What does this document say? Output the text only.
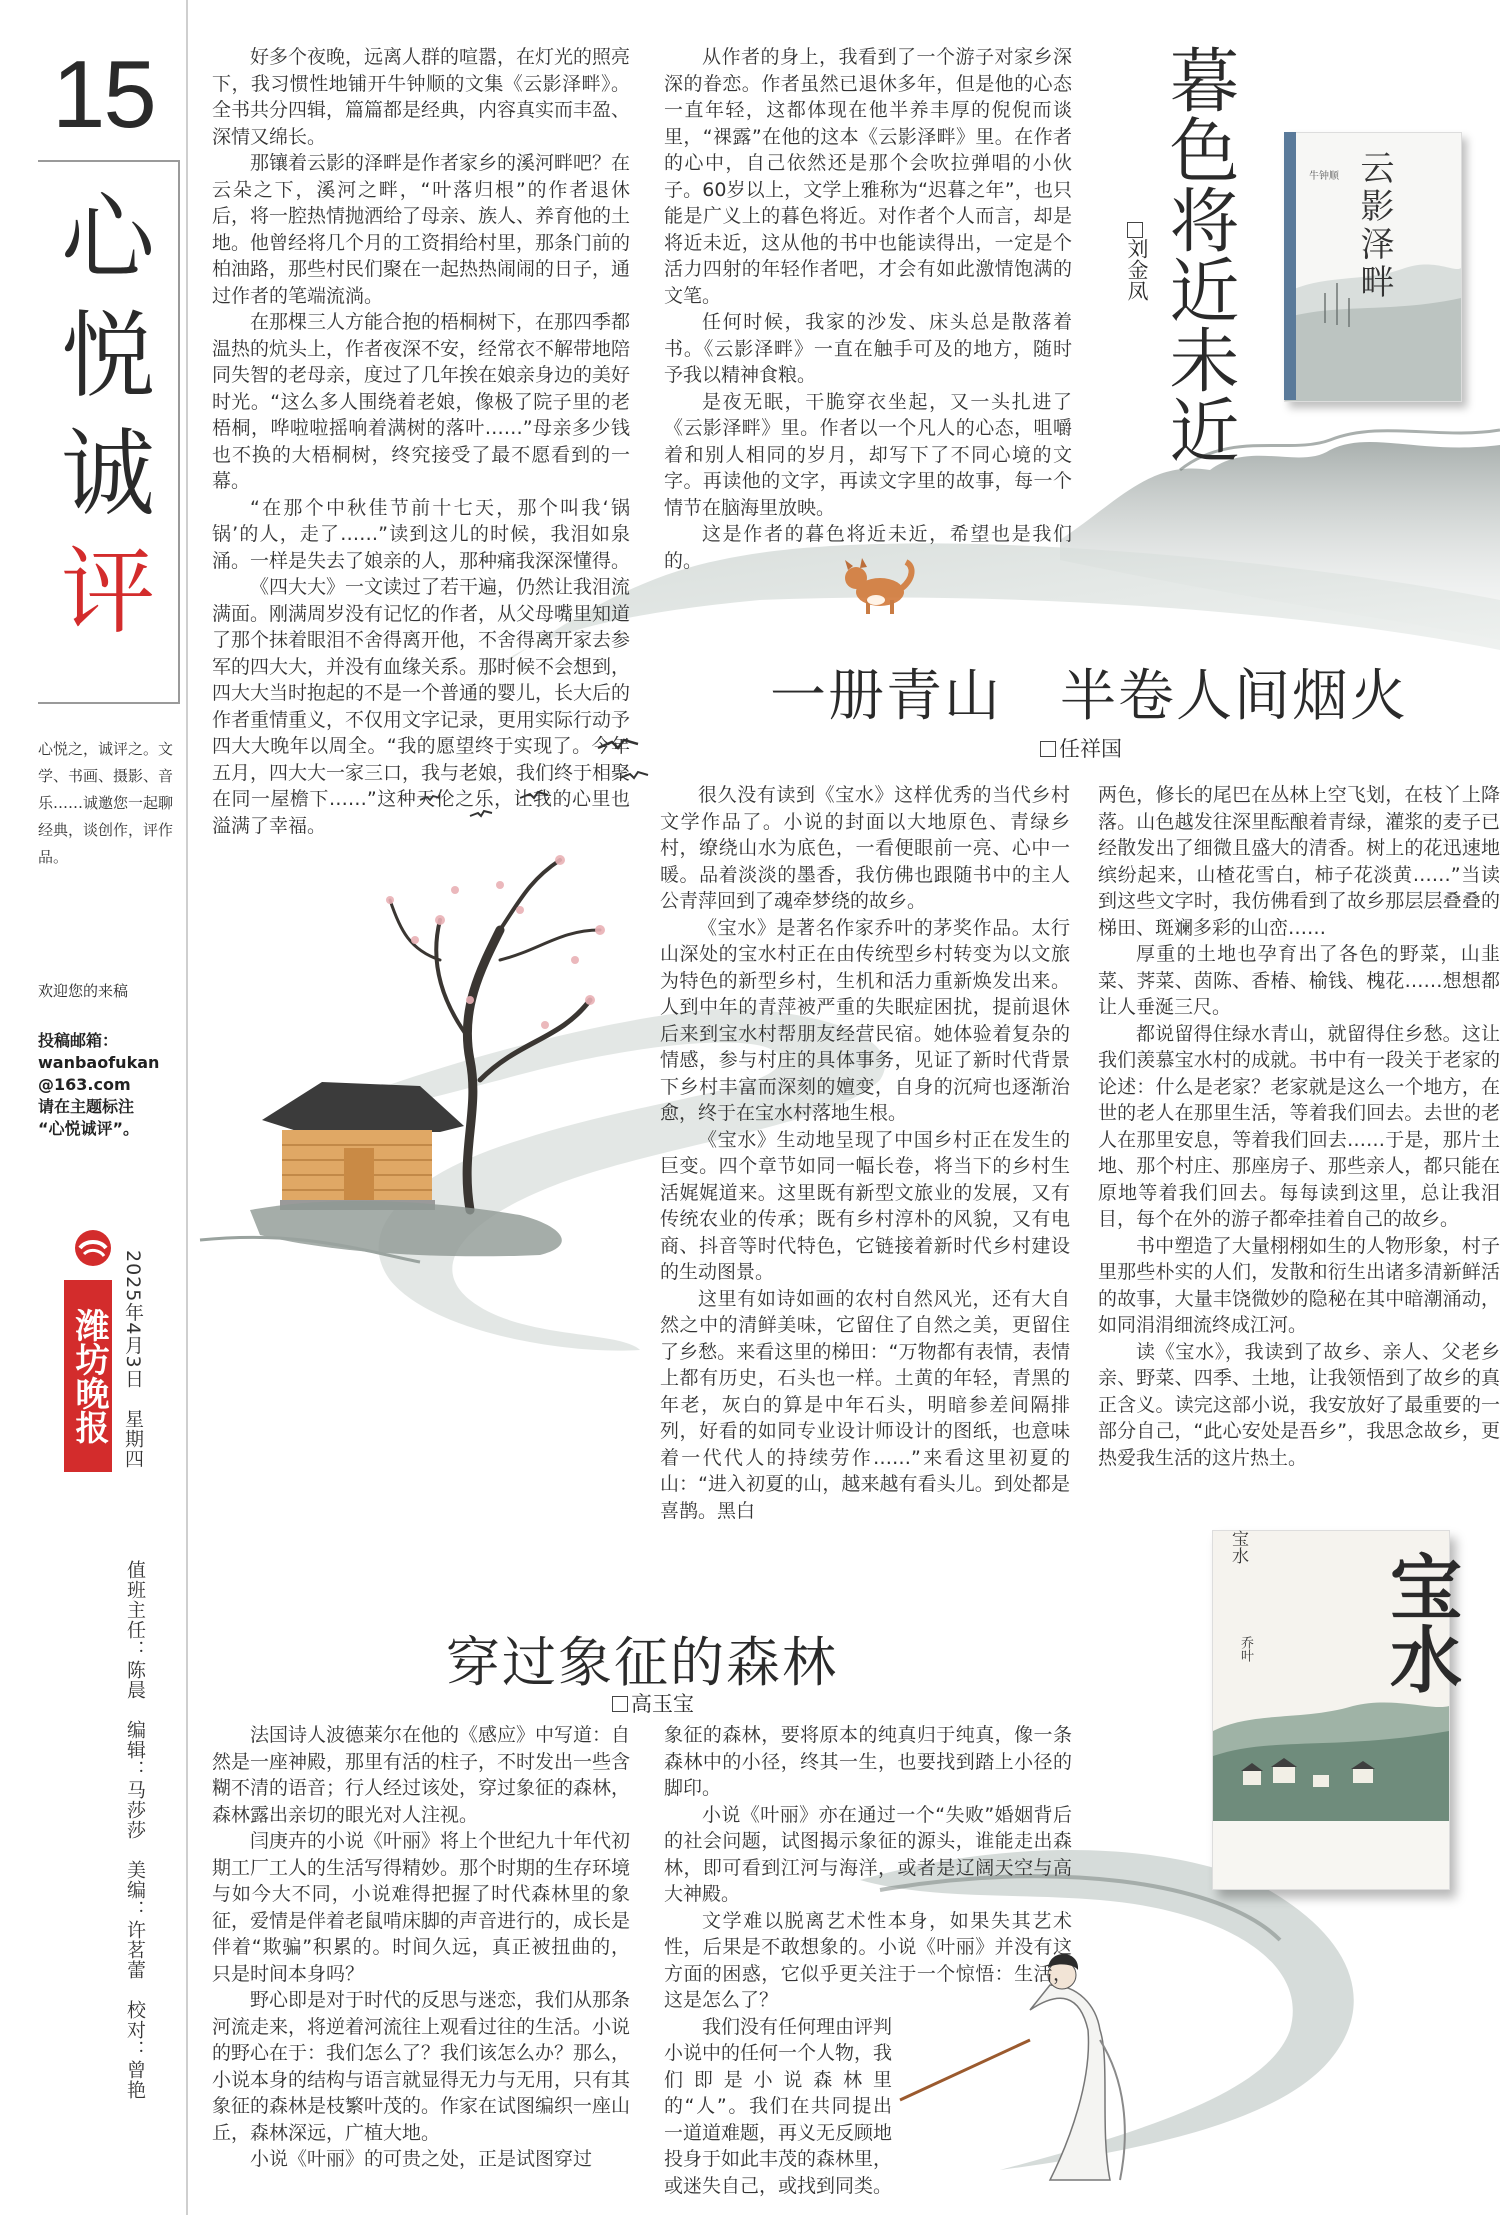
15
心
悦
诚
评
心悦之，诚评之。文学、书画、摄影、音乐……诚邀您一起聊经典，谈创作，评作品。
欢迎您的来稿
投稿邮箱：
wanbaofukan
@163.com
请在主题标注
“心悦诚评”。
潍坊晚报 2025年4月3日　星期四
值班主任：陈晨　编辑：马莎莎　美编：许茗蕾　校对：曾艳

好多个夜晚，远离人群的喧嚣，在灯光的照亮下，我习惯性地铺开牛钟顺的文集《云影泽畔》。全书共分四辑，篇篇都是经典，内容真实而丰盈、深情又绵长。

那镶着云影的泽畔是作者家乡的溪河畔吧？在云朵之下，溪河之畔，“叶落归根”的作者退休后，将一腔热情抛洒给了母亲、族人、养育他的土地。他曾经将几个月的工资捐给村里，那条门前的柏油路，那些村民们聚在一起热热闹闹的日子，通过作者的笔端流淌。

在那棵三人方能合抱的梧桐树下，在那四季都温热的炕头上，作者夜深不安，经常衣不解带地陪同失智的老母亲，度过了几年挨在娘亲身边的美好时光。“这么多人围绕着老娘，像极了院子里的老梧桐，哗啦啦摇响着满树的落叶……”母亲多少钱也不换的大梧桐树，终究接受了最不愿看到的一幕。

“在那个中秋佳节前十七天，那个叫我‘锅锅’的人，走了……”读到这儿的时候，我泪如泉涌。一样是失去了娘亲的人，那种痛我深深懂得。

《四大大》一文读过了若干遍，仍然让我泪流满面。刚满周岁没有记忆的作者，从父母嘴里知道了那个抹着眼泪不舍得离开他，不舍得离开家去参军的四大大，并没有血缘关系。那时候不会想到，四大大当时抱起的不是一个普通的婴儿，长大后的作者重情重义，不仅用文字记录，更用实际行动予四大大晚年以周全。“我的愿望终于实现了。今年五月，四大大一家三口，我与老娘，我们终于相聚在同一屋檐下……”这种天伦之乐，让我的心里也溢满了幸福。

从作者的身上，我看到了一个游子对家乡深深的眷恋。作者虽然已退休多年，但是他的心态一直年轻，这都体现在他半养丰厚的倪倪而谈里，“祼露”在他的这本《云影泽畔》里。在作者的心中，自己依然还是那个会吹拉弹唱的小伙子。60岁以上，文学上雅称为“迟暮之年”，也只能是广义上的暮色将近。对作者个人而言，却是将近未近，这从他的书中也能读得出，一定是个活力四射的年轻作者吧，才会有如此激情饱满的文笔。

任何时候，我家的沙发、床头总是散落着书。《云影泽畔》一直在触手可及的地方，随时予我以精神食粮。

是夜无眠，干脆穿衣坐起，又一头扎进了《云影泽畔》里。作者以一个凡人的心态，咀嚼着和别人相同的岁月，却写下了不同心境的文字。再读他的文字，再读文字里的故事，每一个情节在脑海里放映。

这是作者的暮色将近未近，希望也是我们的。

暮色将近未近
刘金凤
牛钟顺 云影泽畔
一册青山　半卷人间烟火
任祥国

很久没有读到《宝水》这样优秀的当代乡村文学作品了。小说的封面以大地原色、青绿乡村，缭绕山水为底色，一看便眼前一亮、心中一暖。品着淡淡的墨香，我仿佛也跟随书中的主人公青萍回到了魂牵梦绕的故乡。

《宝水》是著名作家乔叶的茅奖作品。太行山深处的宝水村正在由传统型乡村转变为以文旅为特色的新型乡村，生机和活力重新焕发出来。人到中年的青萍被严重的失眠症困扰，提前退休后来到宝水村帮朋友经营民宿。她体验着复杂的情感，参与村庄的具体事务，见证了新时代背景下乡村丰富而深刻的嬗变，自身的沉疴也逐渐治愈，终于在宝水村落地生根。

《宝水》生动地呈现了中国乡村正在发生的巨变。四个章节如同一幅长卷，将当下的乡村生活娓娓道来。这里既有新型文旅业的发展，又有传统农业的传承；既有乡村淳朴的风貌，又有电商、抖音等时代特色，它链接着新时代乡村建设的生动图景。

这里有如诗如画的农村自然风光，还有大自然之中的清鲜美味，它留住了自然之美，更留住了乡愁。来看这里的梯田：“万物都有表情，表情上都有历史，石头也一样。土黄的年轻，青黑的年老，灰白的算是中年石头，明暗参差间隔排列，好看的如同专业设计师设计的图纸，也意味着一代代人的持续劳作……”来看这里初夏的山：“进入初夏的山，越来越有看头儿。到处都是喜鹊。黑白

两色，修长的尾巴在丛林上空飞划，在枝丫上降落。山色越发往深里酝酿着青绿，灌浆的麦子已经散发出了细微且盛大的清香。树上的花迅速地缤纷起来，山楂花雪白，柿子花淡黄……”当读到这些文字时，我仿佛看到了故乡那层层叠叠的梯田、斑斓多彩的山峦……

厚重的土地也孕育出了各色的野菜，山韭菜、荠菜、茵陈、香椿、榆钱、槐花……想想都让人垂涎三尺。

都说留得住绿水青山，就留得住乡愁。这让我们羡慕宝水村的成就。书中有一段关于老家的论述：什么是老家？老家就是这么一个地方，在世的老人在那里生活，等着我们回去。去世的老人在那里安息，等着我们回去……于是，那片土地、那个村庄、那座房子、那些亲人，都只能在原地等着我们回去。每每读到这里，总让我泪目，每个在外的游子都牵挂着自己的故乡。

书中塑造了大量栩栩如生的人物形象，村子里那些朴实的人们，发散和衍生出诸多清新鲜活的故事，大量丰饶微妙的隐秘在其中暗潮涌动，如同涓涓细流终成江河。

读《宝水》，我读到了故乡、亲人、父老乡亲、野菜、四季、土地，让我领悟到了故乡的真正含义。读完这部小说，我安放好了最重要的一部分自己，“此心安处是吾乡”，我思念故乡，更热爱我生活的这片热土。

宝水
宝水
乔叶
穿过象征的森林
高玉宝

法国诗人波德莱尔在他的《感应》中写道：自然是一座神殿，那里有活的柱子，不时发出一些含糊不清的语音；行人经过该处，穿过象征的森林，森林露出亲切的眼光对人注视。

闫庚卉的小说《叶丽》将上个世纪九十年代初期工厂工人的生活写得精妙。那个时期的生存环境与如今大不同，小说难得把握了时代森林里的象征，爱情是伴着老鼠啃床脚的声音进行的，成长是伴着“欺骗”积累的。时间久远，真正被扭曲的，只是时间本身吗？

野心即是对于时代的反思与迷恋，我们从那条河流走来，将逆着河流往上观看过往的生活。小说的野心在于：我们怎么了？我们该怎么办？那么，小说本身的结构与语言就显得无力与无用，只有其象征的森林是枝繁叶茂的。作家在试图编织一座山丘，森林深远，广植大地。

小说《叶丽》的可贵之处，正是试图穿过

象征的森林，要将原本的纯真归于纯真，像一条森林中的小径，终其一生，也要找到踏上小径的脚印。

小说《叶丽》亦在通过一个“失败”婚姻背后的社会问题，试图揭示象征的源头，谁能走出森林，即可看到江河与海洋，或者是辽阔天空与高大神殿。

文学难以脱离艺术性本身，如果失其艺术性，后果是不敢想象的。小说《叶丽》并没有这方面的困惑，它似乎更关注于一个惊悟：生活，这是怎么了？

我们没有任何理由评判小说中的任何一个人物，我们即是小说森林里的“人”。我们在共同提出一道道难题，再义无反顾地投身于如此丰茂的森林里，或迷失自己，或找到同类。
